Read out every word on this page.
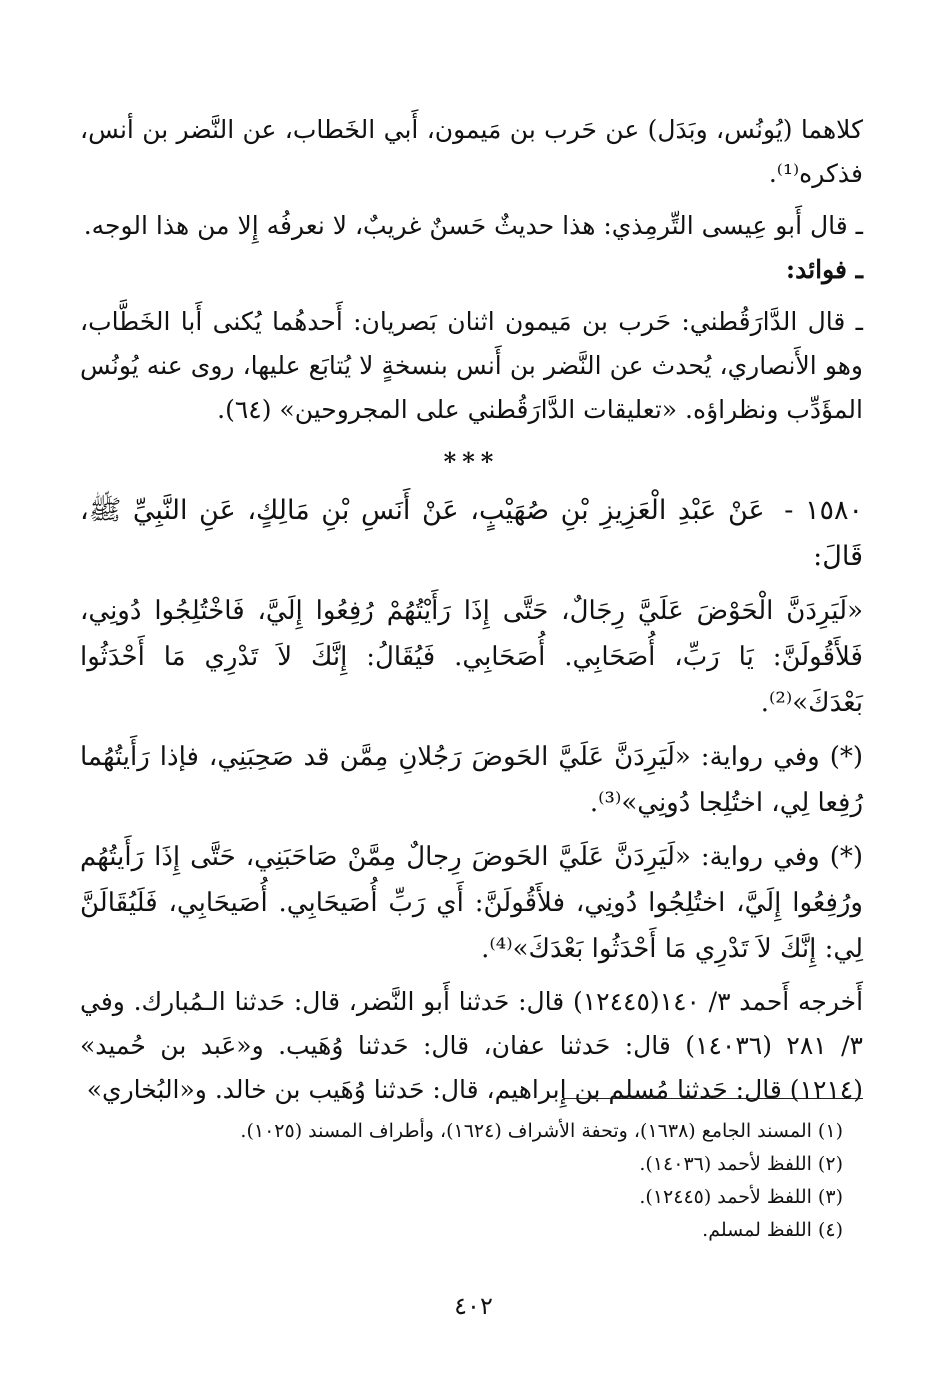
كلاهما (يُونُس، وبَدَل) عن حَرب بن مَيمون، أَبي الخَطاب، عن النَّضر بن أنس، فذكره⁽¹⁾.

ـ قال أَبو عِيسى التِّرمِذي: هذا حديثٌ حَسنٌ غريبٌ، لا نعرفُه إِلا من هذا الوجه.

ـ فوائد:

ـ قال الدَّارَقُطني: حَرب بن مَيمون اثنان بَصريان: أَحدهُما يُكنى أَبا الخَطَّاب، وهو الأَنصاري، يُحدث عن النَّضر بن أَنس بنسخةٍ لا يُتابَع عليها، روى عنه يُونُس المؤَدِّب ونظراؤه. «تعليقات الدَّارَقُطني على المجروحين» (٦٤).

***

١٥٨٠ - عَنْ عَبْدِ الْعَزِيزِ بْنِ صُهَيْبٍ، عَنْ أَنَسِ بْنِ مَالِكٍ، عَنِ النَّبِيِّ ﷺ، قَالَ:

«لَيَرِدَنَّ الْحَوْضَ عَلَيَّ رِجَالٌ، حَتَّى إِذَا رَأَيْتُهُمْ رُفِعُوا إِلَيَّ، فَاخْتُلِجُوا دُونِي، فَلأَقُولَنَّ: يَا رَبِّ، أُصَحَابِي. أُصَحَابِي. فَيُقَالُ: إِنَّكَ لاَ تَدْرِي مَا أَحْدَثُوا بَعْدَكَ»⁽²⁾.

(*) وفي رواية: «لَيَرِدَنَّ عَلَيَّ الحَوضَ رَجُلانِ مِمَّن قد صَحِبَنِي، فإذا رَأَيتُهُما رُفِعا لِي، اختُلِجا دُونِي»⁽³⁾.

(*) وفي رواية: «لَيَرِدَنَّ عَلَيَّ الحَوضَ رِجالٌ مِمَّنْ صَاحَبَنِي، حَتَّى إِذَا رَأَيتُهُم ورُفِعُوا إِلَيَّ، اختُلِجُوا دُونِي، فلأَقُولَنَّ: أَي رَبِّ أُصَيحَابِي. أُصَيحَابِي، فَلَيُقَالَنَّ لِي: إِنَّكَ لاَ تَدْرِي مَا أَحْدَثُوا بَعْدَكَ»⁽⁴⁾.

أَخرجه أَحمد ٣/ ١٤٠(١٢٤٤٥) قال: حَدثنا أَبو النَّضر، قال: حَدثنا الـمُبارك. وفي ٣/ ٢٨١ (١٤٠٣٦) قال: حَدثنا عفان، قال: حَدثنا وُهَيب. و«عَبد بن حُميد» (١٢١٤) قال: حَدثنا مُسلم بن إِبراهيم، قال: حَدثنا وُهَيب بن خالد. و«البُخاري»

(١) المسند الجامع (١٦٣٨)، وتحفة الأشراف (١٦٢٤)، وأطراف المسند (١٠٢٥).

(٢) اللفظ لأحمد (١٤٠٣٦).

(٣) اللفظ لأحمد (١٢٤٤٥).

(٤) اللفظ لمسلم.

٤٠٢
